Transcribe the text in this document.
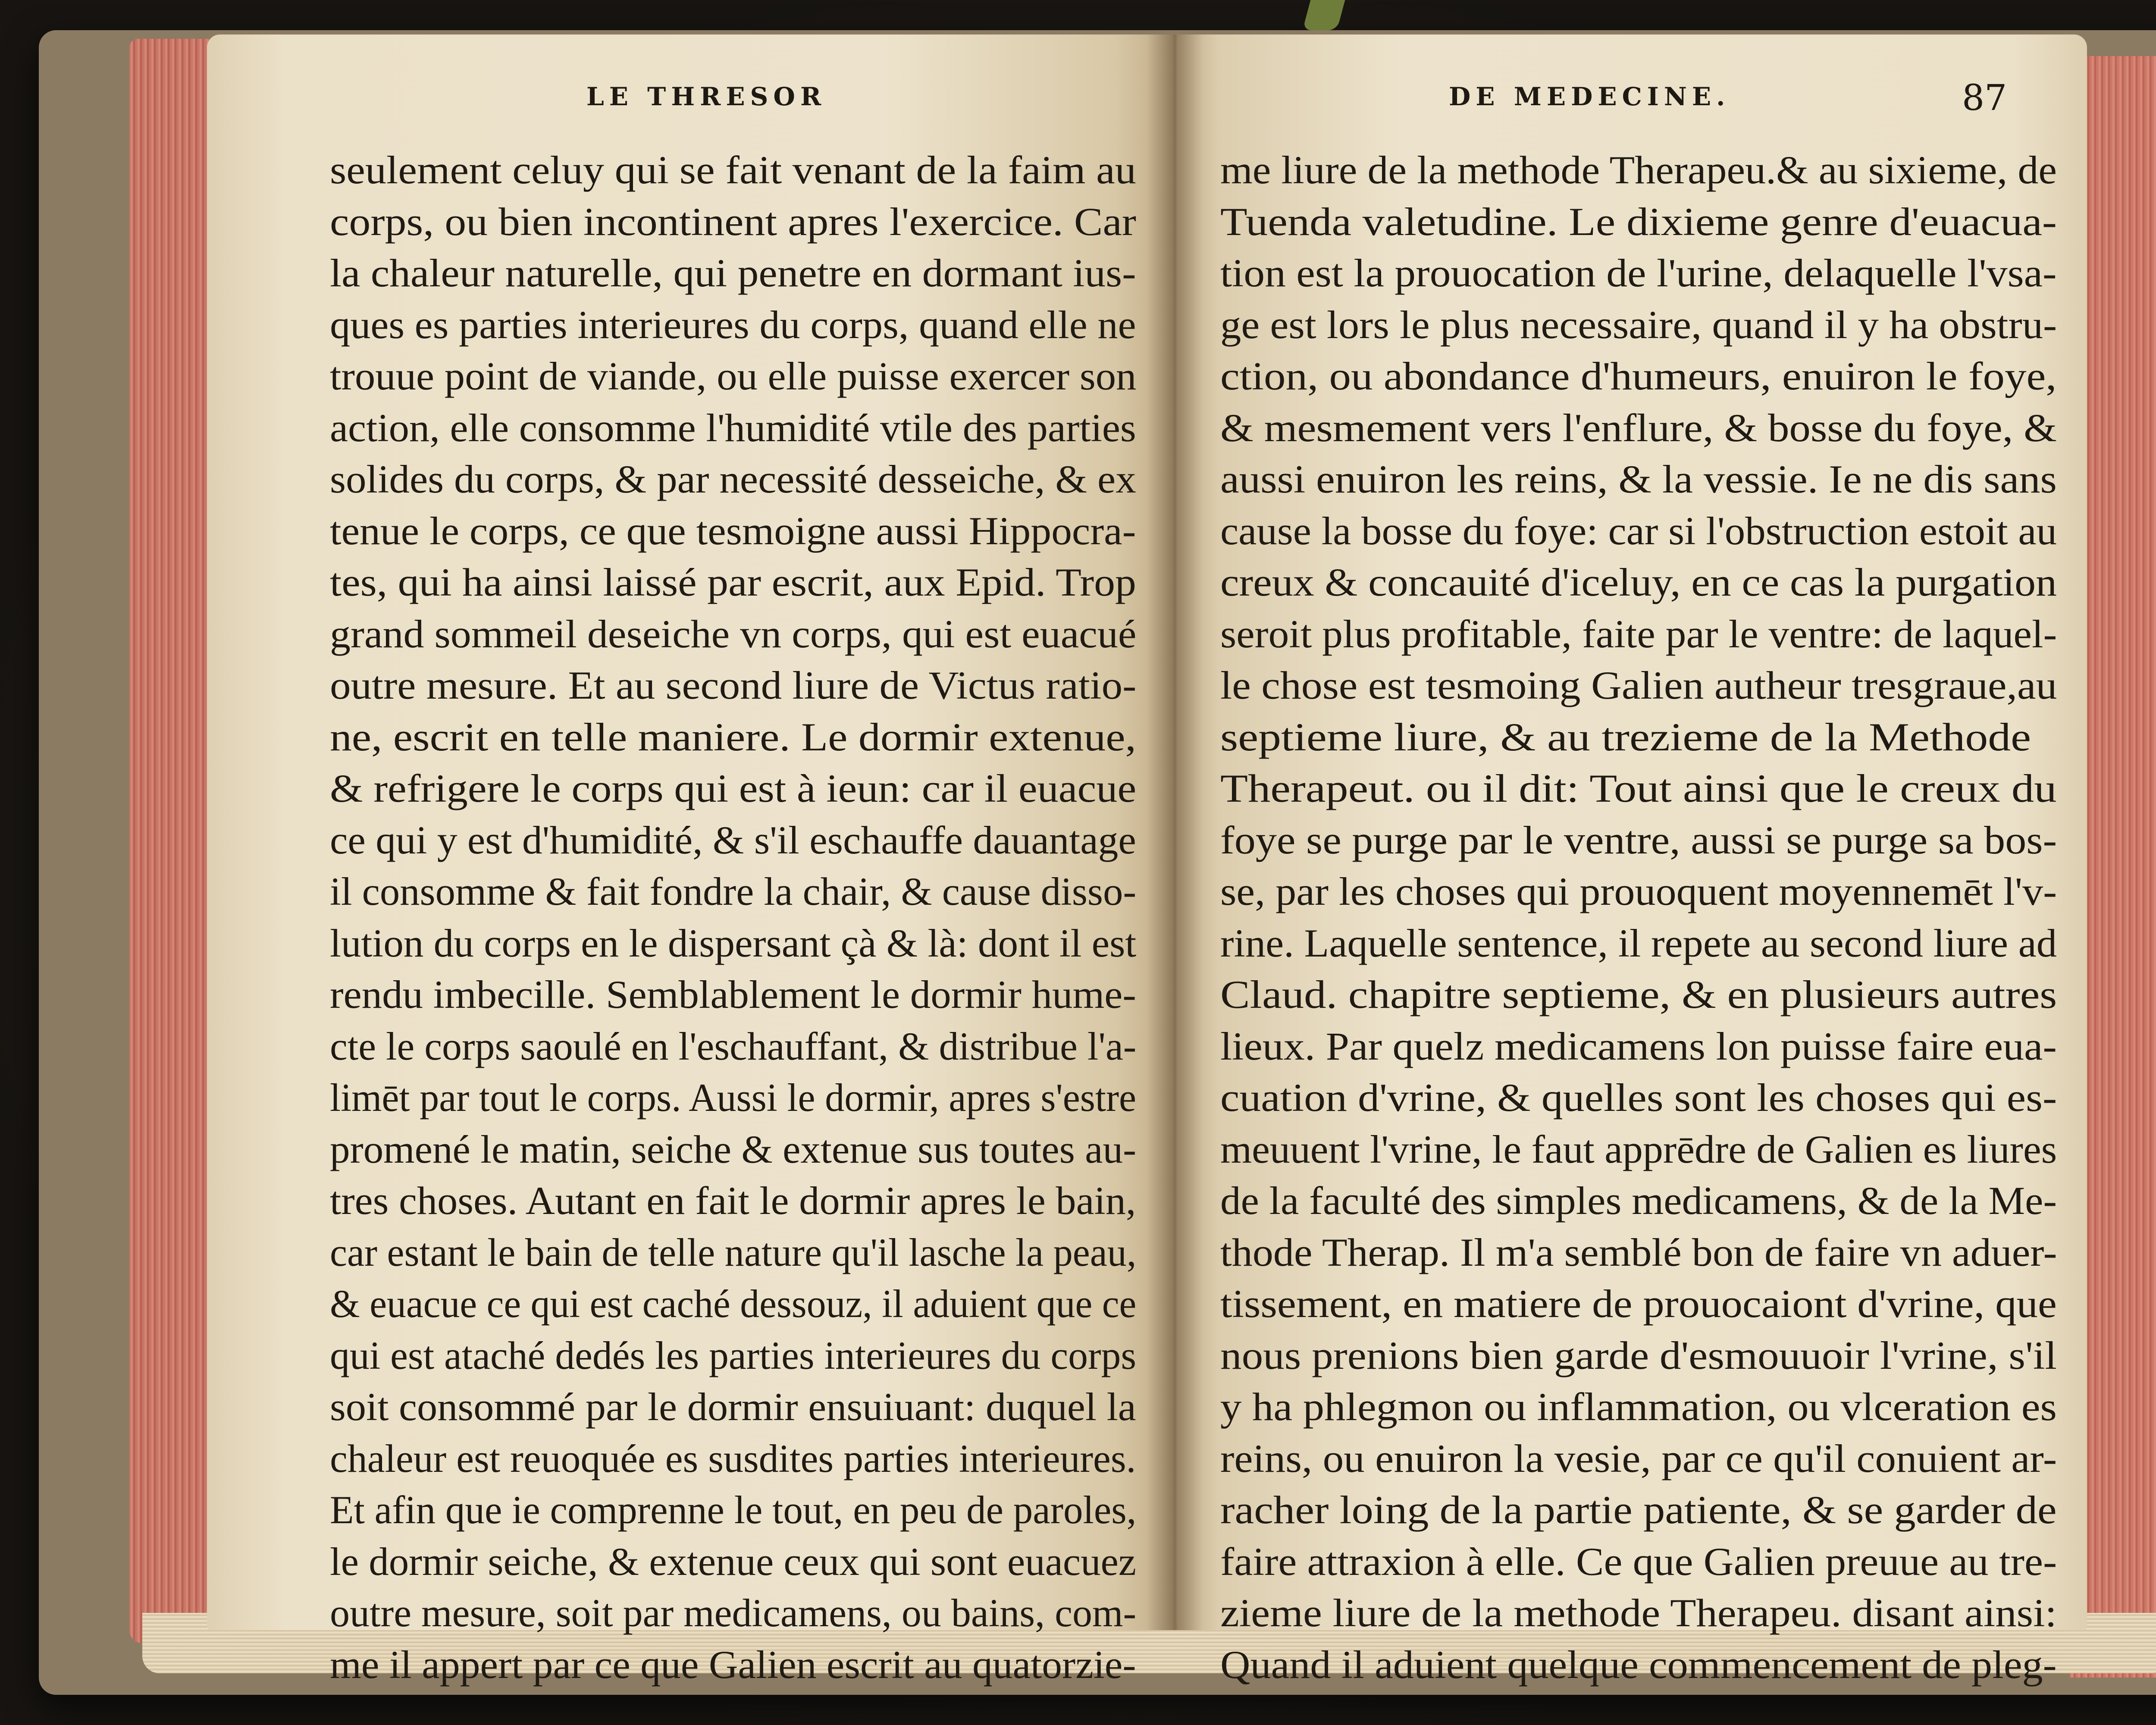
LE THRESOR
seulement celuy qui se fait venant de la faim au
corps, ou bien incontinent apres l'exercice. Car
la chaleur naturelle, qui penetre en dormant ius-
ques es parties interieures du corps, quand elle ne
trouue point de viande, ou elle puisse exercer son
action, elle consomme l'humidité vtile des parties
solides du corps, & par necessité desseiche, & ex
tenue le corps, ce que tesmoigne aussi Hippocra-
tes, qui ha ainsi laissé par escrit, aux Epid. Trop
grand sommeil deseiche vn corps, qui est euacué
outre mesure. Et au second liure de Victus ratio-
ne, escrit en telle maniere. Le dormir extenue,
& refrigere le corps qui est à ieun: car il euacue
ce qui y est d'humidité, & s'il eschauffe dauantage
il consomme & fait fondre la chair, & cause disso-
lution du corps en le dispersant çà & là: dont il est
rendu imbecille. Semblablement le dormir hume-
cte le corps saoulé en l'eschauffant, & distribue l'a-
limēt par tout le corps. Aussi le dormir, apres s'estre
promené le matin, seiche & extenue sus toutes au-
tres choses. Autant en fait le dormir apres le bain,
car estant le bain de telle nature qu'il lasche la peau,
& euacue ce qui est caché dessouz, il aduient que ce
qui est ataché dedés les parties interieures du corps
soit consommé par le dormir ensuiuant: duquel la
chaleur est reuoquée es susdites parties interieures.
Et afin que ie comprenne le tout, en peu de paroles,
le dormir seiche, & extenue ceux qui sont euacuez
outre mesure, soit par medicamens, ou bains, com-
me il appert par ce que Galien escrit au quatorzie-
DE MEDECINE.	87
me liure de la methode Therapeu.& au sixieme, de
Tuenda valetudine. Le dixieme genre d'euacua-
tion est la prouocation de l'urine, delaquelle l'vsa-
ge est lors le plus necessaire, quand il y ha obstru-
ction, ou abondance d'humeurs, enuiron le foye,
& mesmement vers l'enflure, & bosse du foye, &
aussi enuiron les reins, & la vessie. Ie ne dis sans
cause la bosse du foye: car si l'obstruction estoit au
creux & concauité d'iceluy, en ce cas la purgation
seroit plus profitable, faite par le ventre: de laquel-
le chose est tesmoing Galien autheur tresgraue,au
septieme liure, & au trezieme de la Methode
Therapeut. ou il dit: Tout ainsi que le creux du
foye se purge par le ventre, aussi se purge sa bos-
se, par les choses qui prouoquent moyennemēt l'v-
rine. Laquelle sentence, il repete au second liure ad
Claud. chapitre septieme, & en plusieurs autres
lieux. Par quelz medicamens lon puisse faire eua-
cuation d'vrine, & quelles sont les choses qui es-
meuuent l'vrine, le faut apprēdre de Galien es liures
de la faculté des simples medicamens, & de la Me-
thode Therap. Il m'a semblé bon de faire vn aduer-
tissement, en matiere de prouocaiont d'vrine, que
nous prenions bien garde d'esmouuoir l'vrine, s'il
y ha phlegmon ou inflammation, ou vlceration es
reins, ou enuiron la vesie, par ce qu'il conuient ar-
racher loing de la partie patiente, & se garder de
faire attraxion à elle. Ce que Galien preuue au tre-
zieme liure de la methode Therapeu. disant ainsi:
Quand il aduient quelque commencement de pleg-
